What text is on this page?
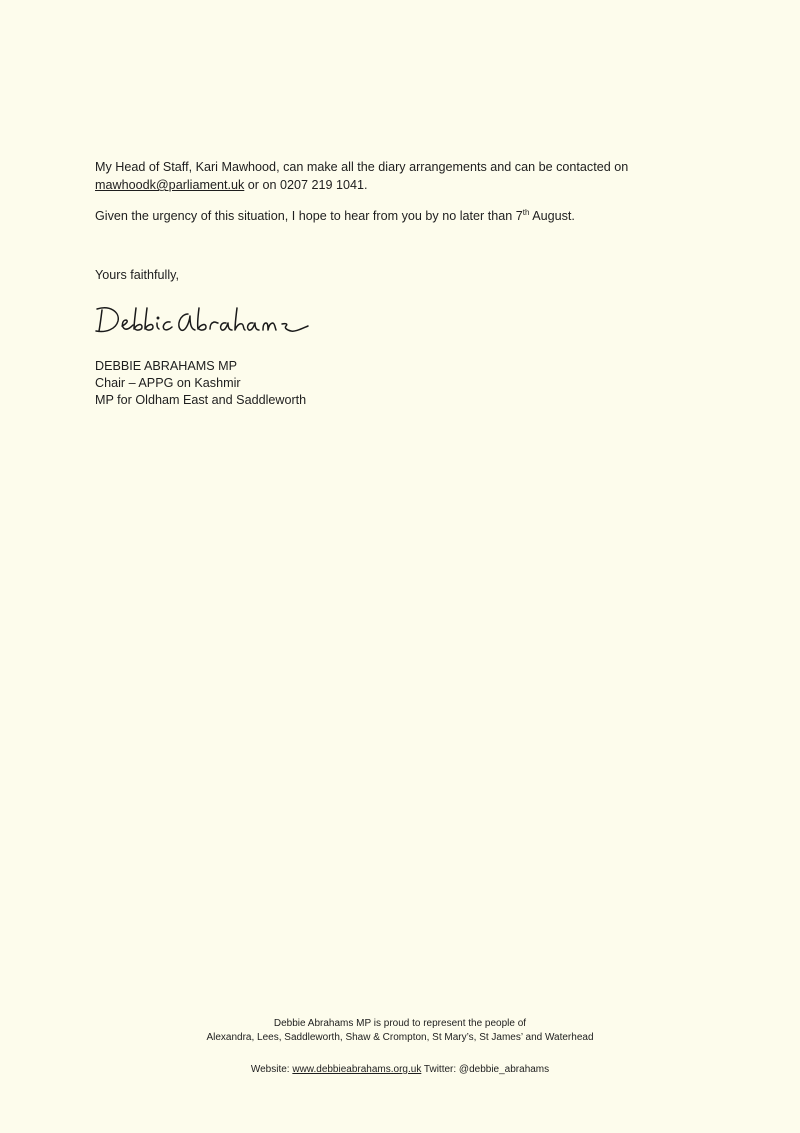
My Head of Staff, Kari Mawhood, can make all the diary arrangements and can be contacted on
mawhoodk@parliament.uk or on 0207 219 1041.
Given the urgency of this situation, I hope to hear from you by no later than 7th August.
Yours faithfully,
DEBBIE ABRAHAMS MP
Chair – APPG on Kashmir
MP for Oldham East and Saddleworth
Debbie Abrahams MP is proud to represent the people of
Alexandra, Lees, Saddleworth, Shaw & Crompton, St Mary’s, St James’ and Waterhead
Website: www.debbieabrahams.org.uk Twitter: @debbie_abrahams
